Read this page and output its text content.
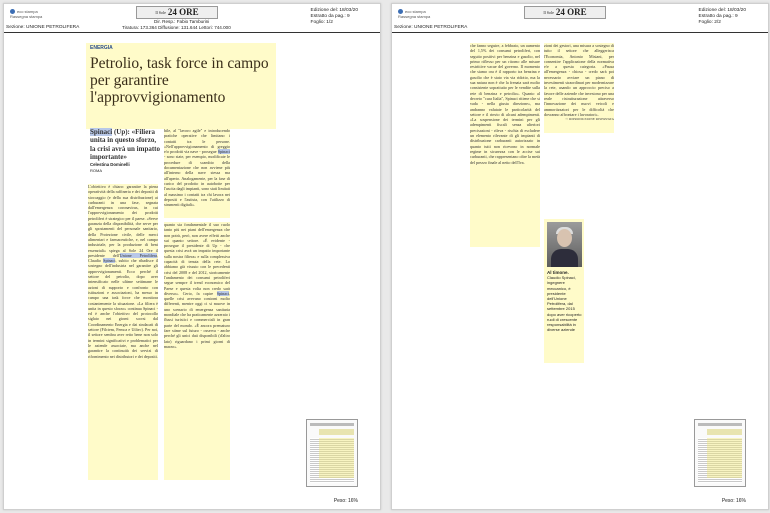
eco stampa
Rassegna stampa
Il Sole 24 ORE
Dir. Resp.: Fabio Tamburini
Tiratura: 173.364 Diffusione: 131.644 Lettori: 744.000
Edizione del: 18/03/20
Estratto da pag.: 9
Foglio: 1/2
Sezione: UNIONE PETROLIFERA
ENERGIA
Petrolio, task force in campo per garantire l'approvvigionamento
Spinaci (Up): «Filiera unita in questo sforzo, la crisi avrà un impatto importante»
Celestina Dominelli
ROMA

L'obiettivo è chiaro: garantire la piena operatività della raffineria e dei depositi di stoccaggio (e della sua distribuzione) ai carburanti in una fase, segnata dall'emergenza coronavirus, in cui l'approvvigionamento dei prodotti petroliferi è strategico per il paese. «Serve garanzia della disponibilità, che serve per gli spostamenti del personale sanitario, della Protezione civile, delle merci alimentari e farmaceutiche, e, nel campo industriale, per la produzione di beni essenziali» spiega al Sole 24 Ore il presidente dell'Unione Petrolifera, Claudio Spinaci, subito che ribadisce il sostegno dell'industria nel garantire gli approvvigionamenti. Ecco perché il settore del petrolio, dopo aver intensificato nelle ultime settimane le azioni di supporto e confronto con istituzioni e associazioni, ha messo in campo una task force che monitora costantemente la situazione. «La filiera è unita in questo sforzo» continua Spinaci - ed è anche l'obiettivo del protocollo siglato nei giorni scorsi dal Coordinamento Energia e dai sindacati di settore (Filctem, Femca e Uiltec). Per noi, il settore sembra aver retto bene non solo in termini significativi e problematici per le aziende associate, ma anche nel garantire la continuità dei servizi di rifornimento nei distributori e dei depositi.

bile, al "lavoro agile" e introducendo pratiche operative che limitano i contatti tra le persone. «Nell'approvvigionamento di greggio e/o prodotti via nave - prosegue Spinaci - sono state, per esempio, modificate le procedure di scambio della documentazione che non avviene più all'interno della nave stessa ma all'aperto. Analogamente, per la fase di carico del prodotto in autobotte per l'uscita dagli impianti, sono stati limitati al massimo i contatti tra chi lavora nei depositi e l'autista, con l'utilizzo di strumenti digitali».

quanto sia fondamentale il suo ruolo tanto più nei piani dell'emergenza che non potrà, però, non avere effetti anche sui quanto settore. «È evidente - prosegue il presidente di Up - che questa crisi avrà un impatto importante sulla nostra filiera» e sulla complessiva capacità di tenuta della rete. Lo abbiamo già vissuto con le precedenti crisi del 2008 e del 2012, storicamente l'andamento dei consumi petroliferi segue sempre il trend economico del Paese e questa volta non credo sarà diverso». Certo, fa capire Spinaci, quelle crisi avevano contorni molto differenti, mentre oggi ci si muove in uno scenario di emergenza sanitaria mondiale che ha praticamente azzerato i flussi turistici e commerciali in gran parte del mondo. «È ancora prematuro fare stime sul futuro - osserva - anche perché gli unici dati disponibili (d'altro lato) riguardano i primi giorni di marzo».

Peso: 16%
eco stampa
Rassegna stampa
Il Sole 24 ORE	Edizione del: 18/03/20
Estratto da pag.: 9
Foglio: 2/2
Sezione: UNIONE PETROLIFERA

che fanno seguire, a febbraio, un aumento del 1,5% dei consumi petroliferi, con seguito positivi per benzina e gasolio, nel primo riflesso per un ritorno alle misure restrittive vacue del governo. Il momento che siamo ora è il rapporto tra benzina e gasolio che è stato via via ridotto, ma la sua natura non è che la frenata sarà molto consistente soprattutto per le vendite sulla rete di benzina e petrolio». Quanto al decreto "cura Italia", Spinaci ritiene che si vada - nella giusta direzione», ma andranno valutate le particolarità del settore e il rinvio di alcuni adempimenti. «La sospensione dei termini per gli adempimenti fiscali senza ulteriori precisazioni - rileva - rischia di escludere un elemento rilevante di gli impianti di distribuzione carburanti autorizzato in quanto tutti non ricevono in normale regime in sicurezza con le accise sui carburanti, che rappresentano oltre la metà del prezzo finale al netto dell'Iva.

zioni dei gestori, una misura a sostegno di tutto il settore che alleggerisca l'Economia, Antonio Misiani, per consentire l'applicazione della normativa e/e a questa categoria. «Pausa all'emergenza - chiosa - credo sarà poi necessario avviare un piano di investimenti straordinari per modernizzare la rete, usando un approccio preciso a favore delle aziende che investono per una reale ristrutturazione attraverso l'innovazione dei nuovi veicoli e ammortizzatori per le difficoltà che dovranno affrontare i lavoratori».

© RIPRODUZIONE RISERVATA

Al timone.
Claudio Spinaci, ingegnere meccanico, è presidente dell'Unione Petrolifera, dal settembre 2015 dopo aver ricoperto ruoli di crescente responsabilità in diverse aziende
Peso: 16%
